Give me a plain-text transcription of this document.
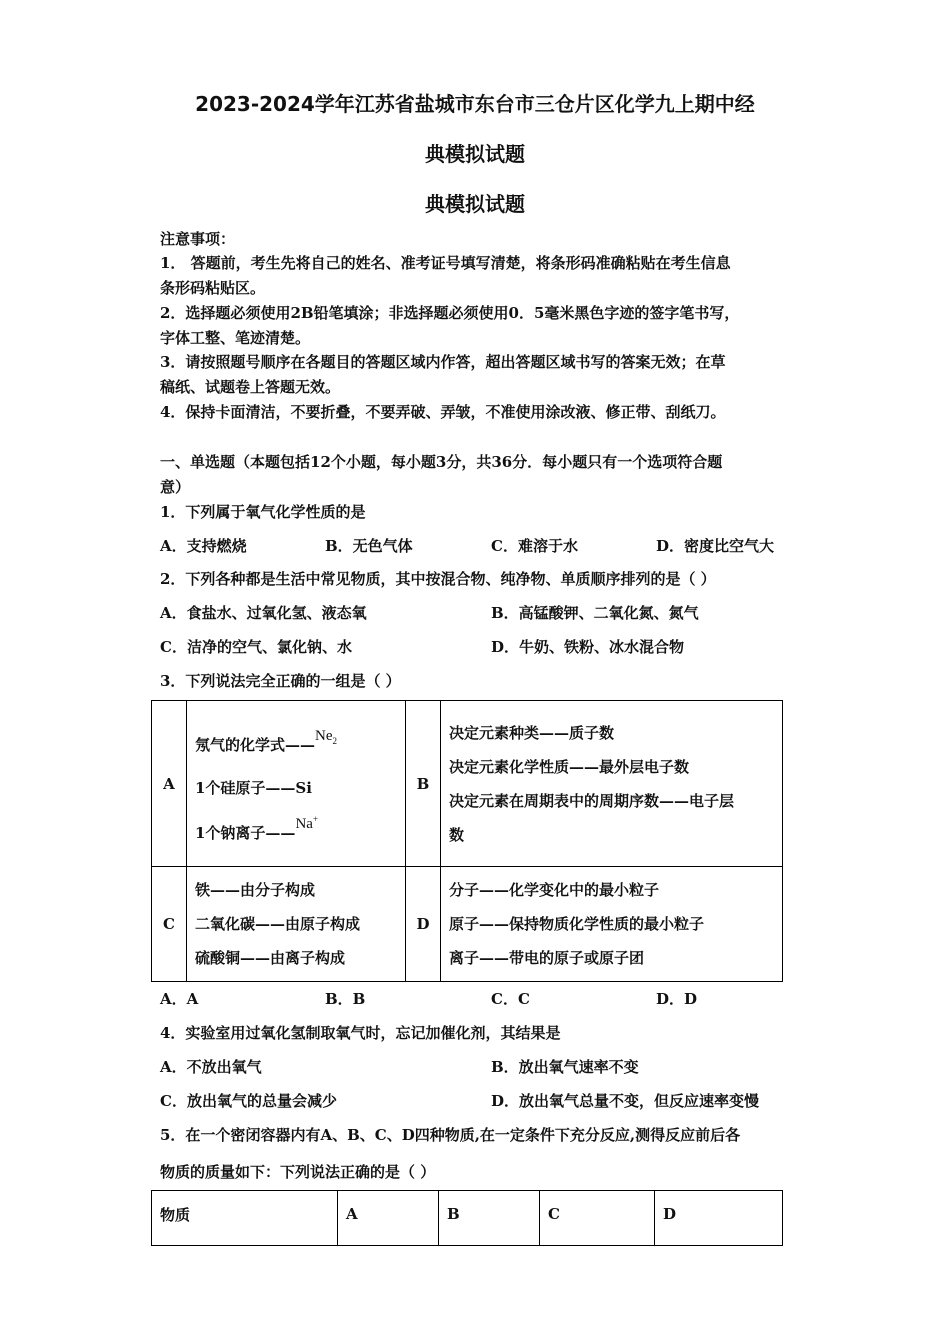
2023-2024学年江苏省盐城市东台市三仓片区化学九上期中经
典模拟试题
典模拟试题
注意事项：
1． 答题前，考生先将自己的姓名、准考证号填写清楚，将条形码准确粘贴在考生信息
条形码粘贴区。
2．选择题必须使用2B铅笔填涂；非选择题必须使用0．5毫米黑色字迹的签字笔书写，
字体工整、笔迹清楚。
3．请按照题号顺序在各题目的答题区域内作答，超出答题区域书写的答案无效；在草
稿纸、试题卷上答题无效。
4．保持卡面清洁，不要折叠，不要弄破、弄皱，不准使用涂改液、修正带、刮纸刀。
一、单选题（本题包括12个小题，每小题3分，共36分．每小题只有一个选项符合题
意）
1．下列属于氧气化学性质的是
A．支持燃烧	B．无色气体	C．难溶于水	D．密度比空气大
2．下列各种都是生活中常见物质，其中按混合物、纯净物、单质顺序排列的是（ ）
A．食盐水、过氧化氢、液态氧	B．高锰酸钾、二氧化氮、氮气
C．洁净的空气、氯化钠、水	D．牛奶、铁粉、冰水混合物
3．下列说法完全正确的一组是（ ）
A	氖气的化学式$——Ne_2$
1个硅原子——Si
1个钠离子——Na+	B	决定元素种类——质子数
决定元素化学性质——最外层电子数
决定元素在周期表中的周期序数——电子层
数

C	铁——由分子构成
二氧化碳——由原子构成
硫酸铜——由离子构成	D	分子——化学变化中的最小粒子
原子——保持物质化学性质的最小粒子
离子——带电的原子或原子团
A．A	B．B	C．C	D．D
4．实验室用过氧化氢制取氧气时，忘记加催化剂，其结果是
A．不放出氧气	B．放出氧气速率不变
C．放出氧气的总量会减少	D．放出氧气总量不变，但反应速率变慢
5．在一个密闭容器内有A、B、C、D四种物质,在一定条件下充分反应,测得反应前后各
物质的质量如下：下列说法正确的是（ ）
物质	A	B	C	D
